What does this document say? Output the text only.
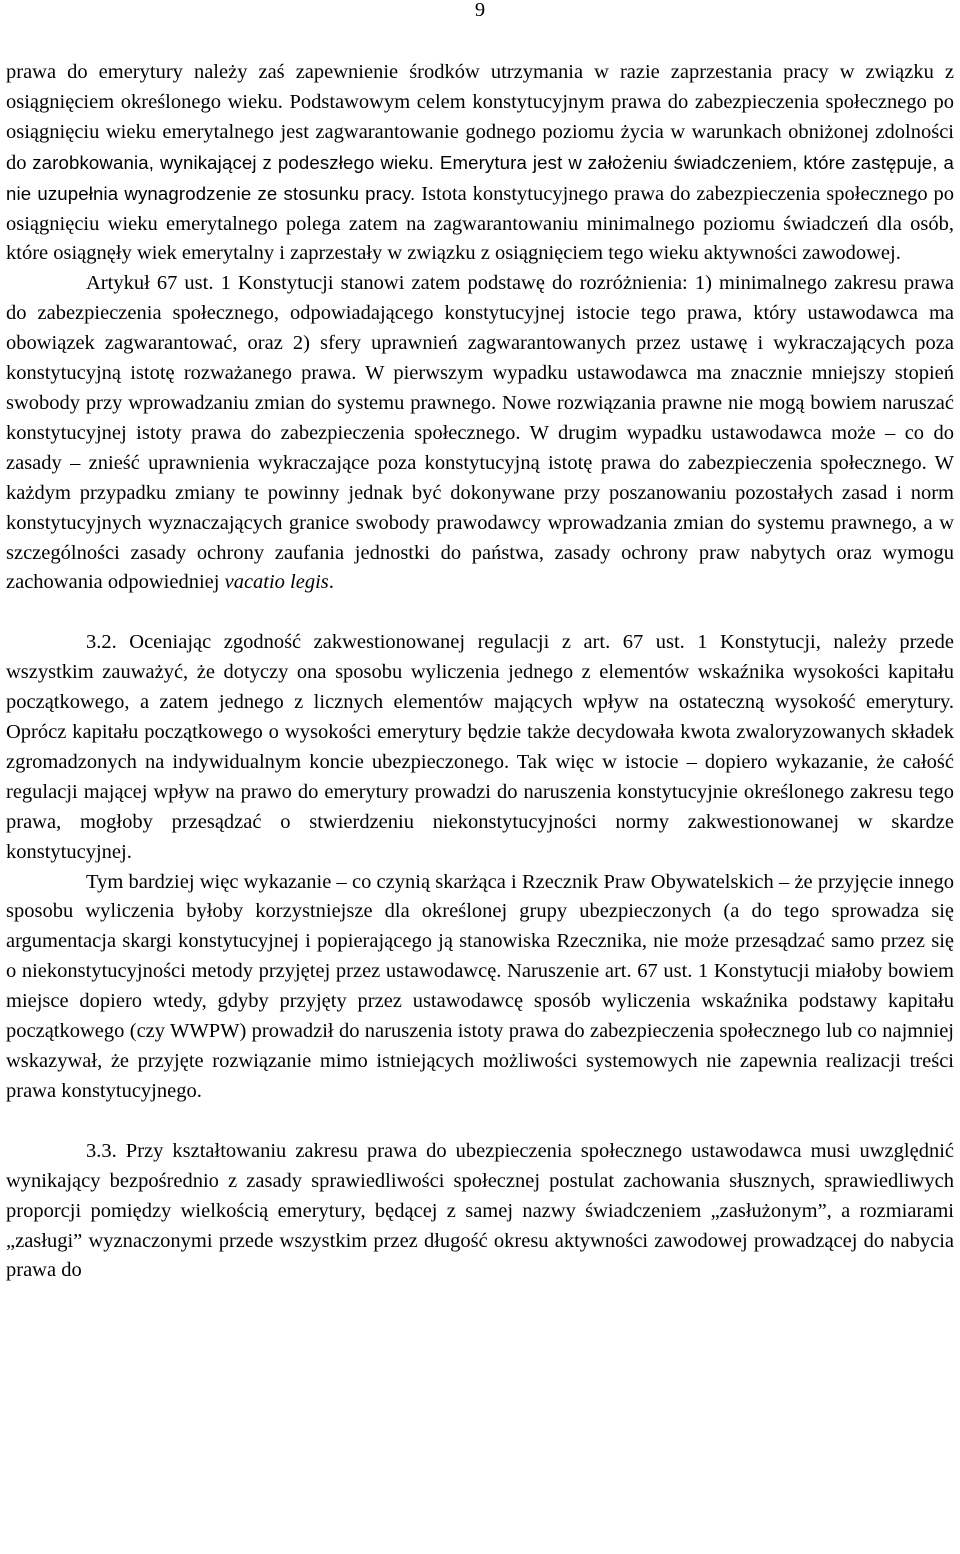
9

prawa do emerytury należy zaś zapewnienie środków utrzymania w razie zaprzestania pracy w związku z osiągnięciem określonego wieku. Podstawowym celem konstytucyjnym prawa do zabezpieczenia społecznego po osiągnięciu wieku emerytalnego jest zagwarantowanie godnego poziomu życia w warunkach obniżonej zdolności do zarobkowania, wynikającej z podeszłego wieku. Emerytura jest w założeniu świadczeniem, które zastępuje, a nie uzupełnia wynagrodzenie ze stosunku pracy. Istota konstytucyjnego prawa do zabezpieczenia społecznego po osiągnięciu wieku emerytalnego polega zatem na zagwarantowaniu minimalnego poziomu świadczeń dla osób, które osiągnęły wiek emerytalny i zaprzestały w związku z osiągnięciem tego wieku aktywności zawodowej.

Artykuł 67 ust. 1 Konstytucji stanowi zatem podstawę do rozróżnienia: 1) minimalnego zakresu prawa do zabezpieczenia społecznego, odpowiadającego konstytucyjnej istocie tego prawa, który ustawodawca ma obowiązek zagwarantować, oraz 2) sfery uprawnień zagwarantowanych przez ustawę i wykraczających poza konstytucyjną istotę rozważanego prawa. W pierwszym wypadku ustawodawca ma znacznie mniejszy stopień swobody przy wprowadzaniu zmian do systemu prawnego. Nowe rozwiązania prawne nie mogą bowiem naruszać konstytucyjnej istoty prawa do zabezpieczenia społecznego. W drugim wypadku ustawodawca może – co do zasady – znieść uprawnienia wykraczające poza konstytucyjną istotę prawa do zabezpieczenia społecznego. W każdym przypadku zmiany te powinny jednak być dokonywane przy poszanowaniu pozostałych zasad i norm konstytucyjnych wyznaczających granice swobody prawodawcy wprowadzania zmian do systemu prawnego, a w szczególności zasady ochrony zaufania jednostki do państwa, zasady ochrony praw nabytych oraz wymogu zachowania odpowiedniej vacatio legis.

3.2. Oceniając zgodność zakwestionowanej regulacji z art. 67 ust. 1 Konstytucji, należy przede wszystkim zauważyć, że dotyczy ona sposobu wyliczenia jednego z elementów wskaźnika wysokości kapitału początkowego, a zatem jednego z licznych elementów mających wpływ na ostateczną wysokość emerytury. Oprócz kapitału początkowego o wysokości emerytury będzie także decydowała kwota zwaloryzowanych składek zgromadzonych na indywidualnym koncie ubezpieczonego. Tak więc w istocie – dopiero wykazanie, że całość regulacji mającej wpływ na prawo do emerytury prowadzi do naruszenia konstytucyjnie określonego zakresu tego prawa, mogłoby przesądzać o stwierdzeniu niekonstytucyjności normy zakwestionowanej w skardze konstytucyjnej.

Tym bardziej więc wykazanie – co czynią skarżąca i Rzecznik Praw Obywatelskich – że przyjęcie innego sposobu wyliczenia byłoby korzystniejsze dla określonej grupy ubezpieczonych (a do tego sprowadza się argumentacja skargi konstytucyjnej i popierającego ją stanowiska Rzecznika, nie może przesądzać samo przez się o niekonstytucyjności metody przyjętej przez ustawodawcę. Naruszenie art. 67 ust. 1 Konstytucji miałoby bowiem miejsce dopiero wtedy, gdyby przyjęty przez ustawodawcę sposób wyliczenia wskaźnika podstawy kapitału początkowego (czy WWPW) prowadził do naruszenia istoty prawa do zabezpieczenia społecznego lub co najmniej wskazywał, że przyjęte rozwiązanie mimo istniejących możliwości systemowych nie zapewnia realizacji treści prawa konstytucyjnego.

3.3. Przy kształtowaniu zakresu prawa do ubezpieczenia społecznego ustawodawca musi uwzględnić wynikający bezpośrednio z zasady sprawiedliwości społecznej postulat zachowania słusznych, sprawiedliwych proporcji pomiędzy wielkością emerytury, będącej z samej nazwy świadczeniem „zasłużonym”, a rozmiarami „zasługi” wyznaczonymi przede wszystkim przez długość okresu aktywności zawodowej prowadzącej do nabycia prawa do
